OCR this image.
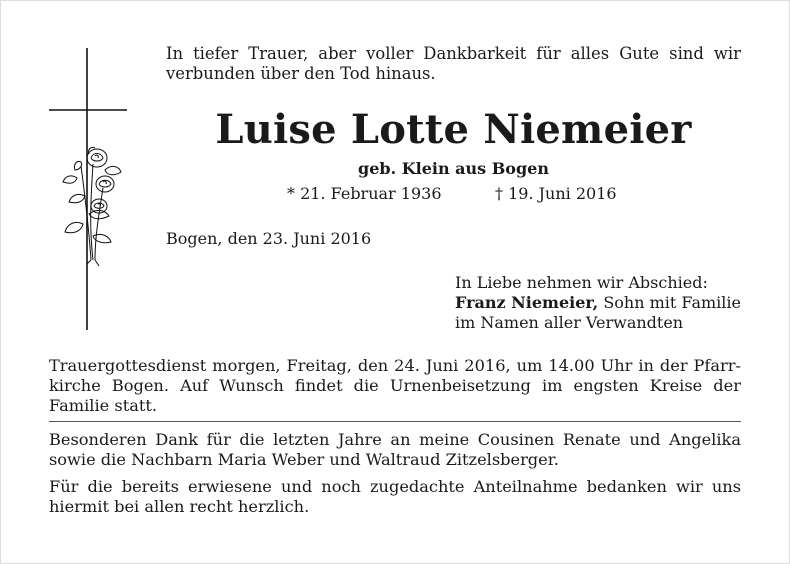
In tiefer Trauer, aber voller Dankbarkeit für alles Gute sind wir verbunden über den Tod hinaus.
Luise Lotte Niemeier
geb. Klein aus Bogen
* 21. Februar 1936	† 19. Juni 2016
Bogen, den 23. Juni 2016
In Liebe nehmen wir Abschied:
Franz Niemeier, Sohn mit Familie
im Namen aller Verwandten
Trauergottesdienst morgen, Freitag, den 24. Juni 2016, um 14.00 Uhr in der Pfarrkirche Bogen. Auf Wunsch findet die Urnenbeisetzung im engsten Kreise der Familie statt.
Besonderen Dank für die letzten Jahre an meine Cousinen Renate und Angelika sowie die Nachbarn Maria Weber und Waltraud Zitzelsberger.
Für die bereits erwiesene und noch zugedachte Anteilnahme bedanken wir uns hiermit bei allen recht herzlich.
